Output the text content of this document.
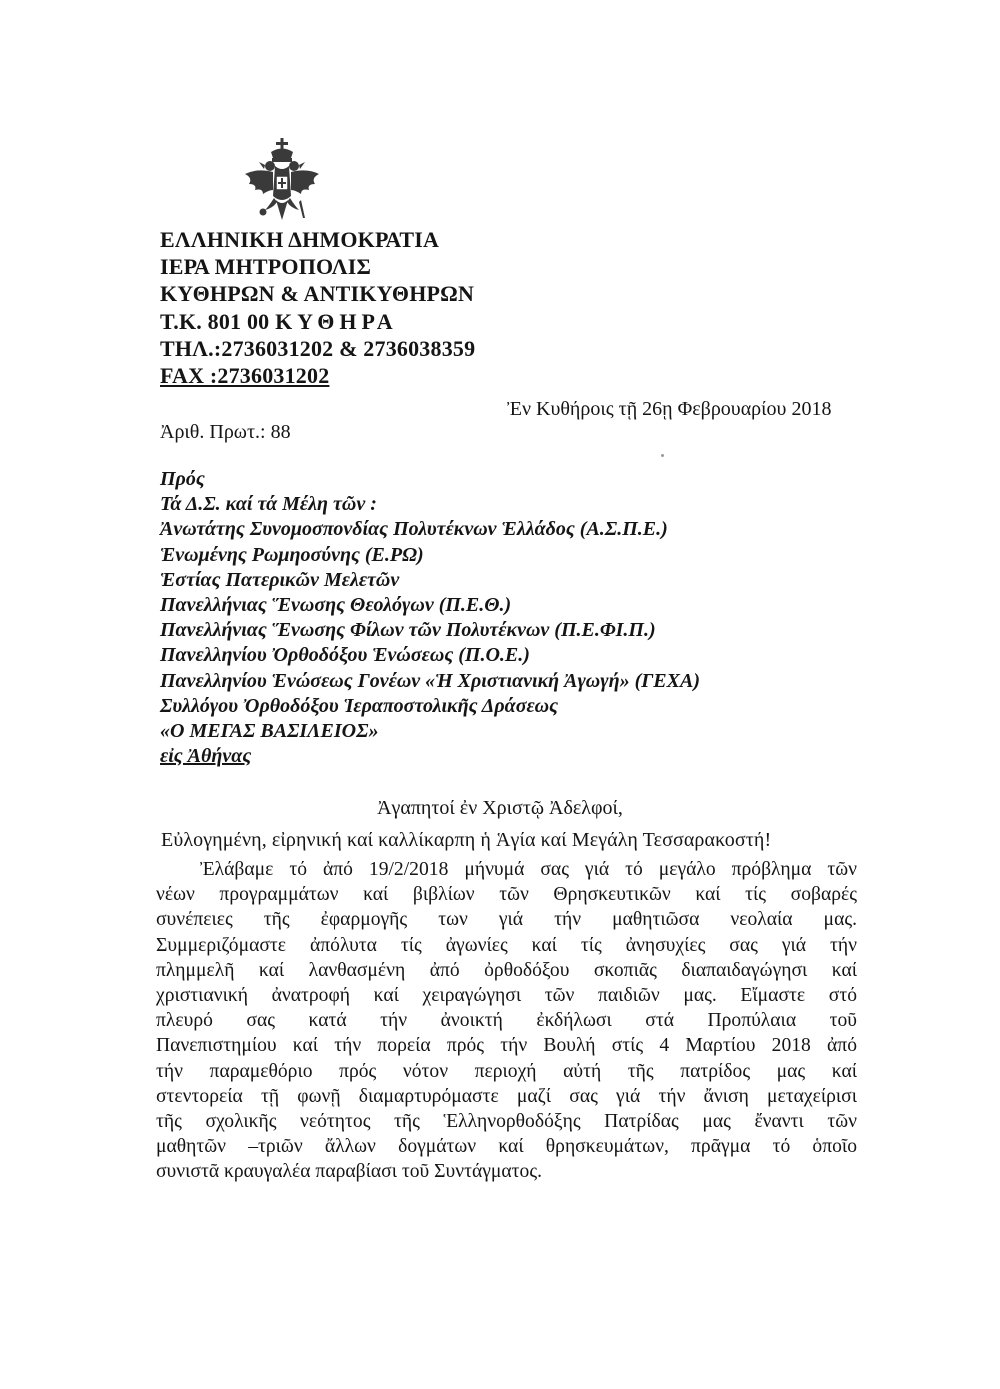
ΕΛΛΗΝΙΚΗ ΔΗΜΟΚΡΑΤΙΑ
ΙΕΡΑ ΜΗΤΡΟΠΟΛΙΣ
ΚΥΘΗΡΩΝ & ΑΝΤΙΚΥΘΗΡΩΝ
Τ.Κ. 801 00 ΚΥΘΗΡΑ
ΤΗΛ.:2736031202 & 2736038359
FAX :2736031202
Ἐν Κυθήροις τῇ 26ῃ Φεβρουαρίου 2018
Ἀριθ. Πρωτ.: 88
Πρός
Τά Δ.Σ. καί τά Μέλη τῶν :
Ἀνωτάτης Συνομοσπονδίας Πολυτέκνων Ἑλλάδος (Α.Σ.Π.Ε.)
Ἑνωμένης Ρωμηοσύνης (Ε.ΡΩ)
Ἑστίας Πατερικῶν Μελετῶν
Πανελλήνιας Ἕνωσης Θεολόγων (Π.Ε.Θ.)
Πανελλήνιας Ἕνωσης Φίλων τῶν Πολυτέκνων (Π.Ε.ΦΙ.Π.)
Πανελληνίου Ὀρθοδόξου Ἑνώσεως (Π.Ο.Ε.)
Πανελληνίου Ἑνώσεως Γονέων «Ἡ Χριστιανική Ἀγωγή» (ΓΕΧΑ)
Συλλόγου Ὀρθοδόξου Ἱεραποστολικῆς Δράσεως
«Ο ΜΕΓΑΣ ΒΑΣΙΛΕΙΟΣ»
εἰς Ἀθήνας
Ἀγαπητοί ἐν Χριστῷ Ἀδελφοί,
Εὐλογημένη, εἰρηνική καί καλλίκαρπη ἡ Ἁγία καί Μεγάλη Τεσσαρακοστή!
Ἐλάβαμε τό ἀπό 19/2/2018 μήνυμά σας γιά τό μεγάλο πρόβλημα τῶν
νέων προγραμμάτων καί βιβλίων τῶν Θρησκευτικῶν καί τίς σοβαρές
συνέπειες τῆς ἐφαρμογῆς των γιά τήν μαθητιῶσα νεολαία μας.
Συμμεριζόμαστε ἀπόλυτα τίς ἀγωνίες καί τίς ἀνησυχίες σας γιά τήν
πλημμελῆ καί λανθασμένη ἀπό ὀρθοδόξου σκοπιᾶς διαπαιδαγώγησι καί
χριστιανική ἀνατροφή καί χειραγώγησι τῶν παιδιῶν μας. Εἴμαστε στό
πλευρό σας κατά τήν ἀνοικτή ἐκδήλωσι στά Προπύλαια τοῦ
Πανεπιστημίου καί τήν πορεία πρός τήν Βουλή στίς 4 Μαρτίου 2018 ἀπό
τήν παραμεθόριο πρός νότον περιοχή αὐτή τῆς πατρίδος μας καί
στεντορεία τῇ φωνῇ διαμαρτυρόμαστε μαζί σας γιά τήν ἄνιση μεταχείρισι
τῆς σχολικῆς νεότητος τῆς Ἑλληνορθοδόξης Πατρίδας μας ἔναντι τῶν
μαθητῶν –τριῶν ἄλλων δογμάτων καί θρησκευμάτων, πρᾶγμα τό ὁποῖο
συνιστᾶ κραυγαλέα παραβίασι τοῦ Συντάγματος.
